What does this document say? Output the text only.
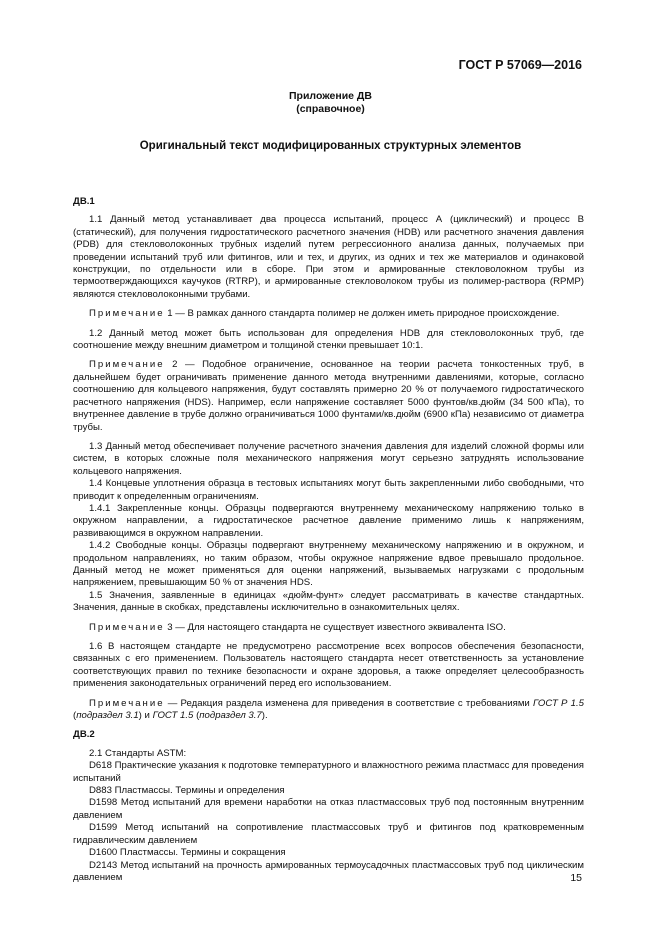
ГОСТ Р 57069—2016
Приложение ДВ
(справочное)
Оригинальный текст модифицированных структурных элементов

ДВ.1

1.1 Данный метод устанавливает два процесса испытаний, процесс А (циклический) и процесс В (статический), для получения гидростатического расчетного значения (HDB) или расчетного значения давления (PDB) для стекловолоконных трубных изделий путем регрессионного анализа данных, получаемых при проведении испытаний труб или фитингов, или и тех, и других, из одних и тех же материалов и одинаковой конструкции, по отдельности или в сборе. При этом и армированные стекловолокном трубы из термоотверждающихся каучуков (RTRP), и армированные стекловолоком трубы из полимер-раствора (RPMP) являются стекловолоконными трубами.

Примечание 1 — В рамках данного стандарта полимер не должен иметь природное происхождение.

1.2 Данный метод может быть использован для определения HDB для стекловолоконных труб, где соотношение между внешним диаметром и толщиной стенки превышает 10:1.

Примечание 2 — Подобное ограничение, основанное на теории расчета тонкостенных труб, в дальнейшем будет ограничивать применение данного метода внутренними давлениями, которые, согласно соотношению для кольцевого напряжения, будут составлять примерно 20 % от получаемого гидростатического расчетного напряжения (HDS). Например, если напряжение составляет 5000 фунтов/кв.дюйм (34 500 кПа), то внутреннее давление в трубе должно ограничиваться 1000 фунтами/кв.дюйм (6900 кПа) независимо от диаметра трубы.

1.3 Данный метод обеспечивает получение расчетного значения давления для изделий сложной формы или систем, в которых сложные поля механического напряжения могут серьезно затруднять использование кольцевого напряжения.

1.4 Концевые уплотнения образца в тестовых испытаниях могут быть закрепленными либо свободными, что приводит к определенным ограничениям.

1.4.1 Закрепленные концы. Образцы подвергаются внутреннему механическому напряжению только в окружном направлении, а гидростатическое расчетное давление применимо лишь к напряжениям, развивающимся в окружном направлении.

1.4.2 Свободные концы. Образцы подвергают внутреннему механическому напряжению и в окружном, и продольном направлениях, но таким образом, чтобы окружное напряжение вдвое превышало продольное. Данный метод не может применяться для оценки напряжений, вызываемых нагрузками с продольным напряжением, превышающим 50 % от значения HDS.

1.5 Значения, заявленные в единицах «дюйм-фунт» следует рассматривать в качестве стандартных. Значения, данные в скобках, представлены исключительно в ознакомительных целях.

Примечание 3 — Для настоящего стандарта не существует известного эквивалента ISO.

1.6 В настоящем стандарте не предусмотрено рассмотрение всех вопросов обеспечения безопасности, связанных с его применением. Пользователь настоящего стандарта несет ответственность за установление соответствующих правил по технике безопасности и охране здоровья, а также определяет целесообразность применения законодательных ограничений перед его использованием.

Примечание — Редакция раздела изменена для приведения в соответствие с требованиями ГОСТ Р 1.5 (подраздел 3.1) и ГОСТ 1.5 (подраздел 3.7).

ДВ.2

2.1 Стандарты ASTM:

D618 Практические указания к подготовке температурного и влажностного режима пластмасс для проведения испытаний

D883 Пластмассы. Термины и определения

D1598 Метод испытаний для времени наработки на отказ пластмассовых труб под постоянным внутренним давлением

D1599 Метод испытаний на сопротивление пластмассовых труб и фитингов под кратковременным гидравлическим давлением

D1600 Пластмассы. Термины и сокращения

D2143 Метод испытаний на прочность армированных термоусадочных пластмассовых труб под циклическим давлением	15
